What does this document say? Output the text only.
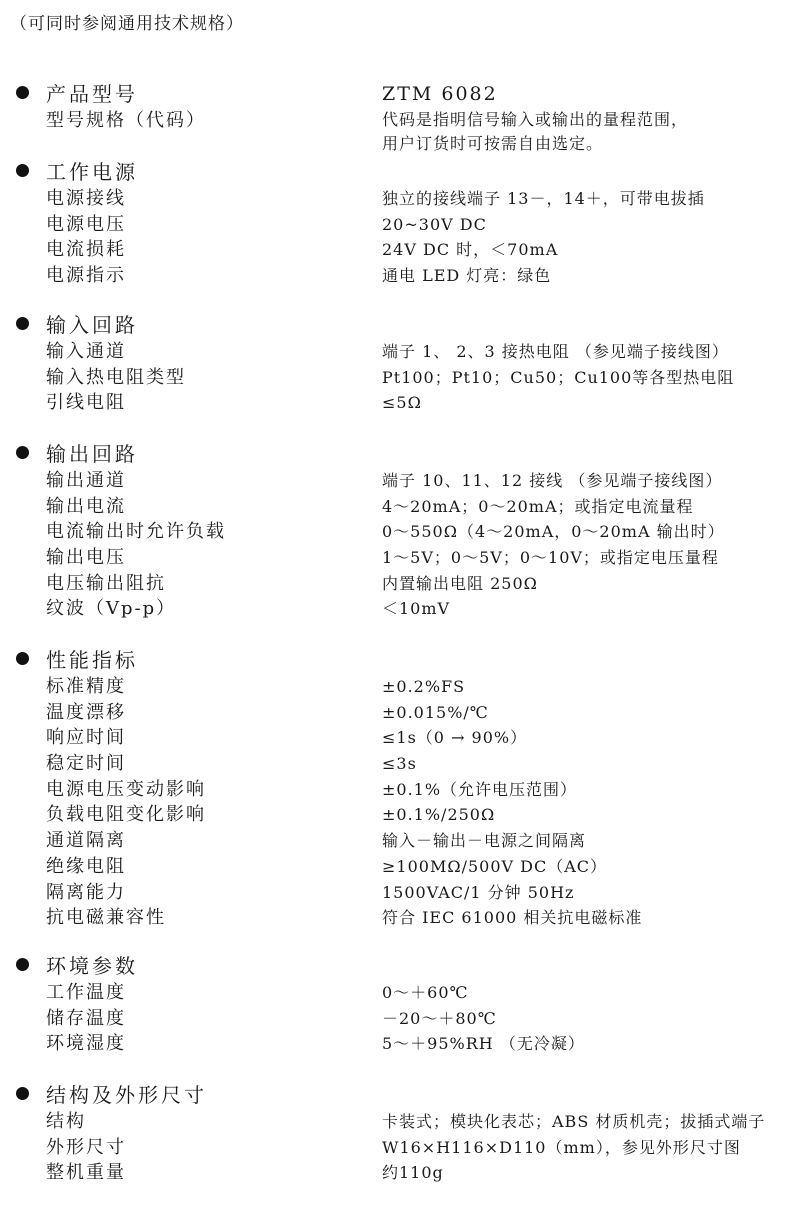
（可同时参阅通用技术规格）
产品型号	ZTM 6082
型号规格（代码）	代码是指明信号输入或输出的量程范围，
用户订货时可按需自由选定。
工作电源
电源接线	独立的接线端子 13－，14＋，可带电拔插
电源电压	20~30V DC
电流损耗	24V DC 时，＜70mA
电源指示	通电 LED 灯亮：绿色
输入回路
输入通道	端子 1、 2、3 接热电阻 （参见端子接线图）
输入热电阻类型	Pt100；Pt10；Cu50；Cu100等各型热电阻
引线电阻	≤5Ω
输出回路
输出通道	端子 10、11、12 接线 （参见端子接线图）
输出电流	4～20mA；0～20mA；或指定电流量程
电流输出时允许负载	0～550Ω（4～20mA，0～20mA 输出时）
输出电压	1～5V；0～5V；0～10V；或指定电压量程
电压输出阻抗	内置输出电阻 250Ω
纹波（Vp-p）	＜10mV
性能指标
标准精度	±0.2%FS
温度漂移	±0.015%/℃
响应时间	≤1s（0 → 90%）
稳定时间	≤3s
电源电压变动影响	±0.1%（允许电压范围）
负载电阻变化影响	±0.1%/250Ω
通道隔离	输入－输出－电源之间隔离
绝缘电阻	≥100MΩ/500V DC（AC）
隔离能力	1500VAC/1 分钟 50Hz
抗电磁兼容性	符合 IEC 61000 相关抗电磁标准
环境参数
工作温度	0～＋60℃
储存温度	－20～＋80℃
环境湿度	5～＋95%RH （无冷凝）
结构及外形尺寸
结构	卡装式；模块化表芯；ABS 材质机壳；拔插式端子
外形尺寸	W16×H116×D110（mm），参见外形尺寸图
整机重量	约110g
